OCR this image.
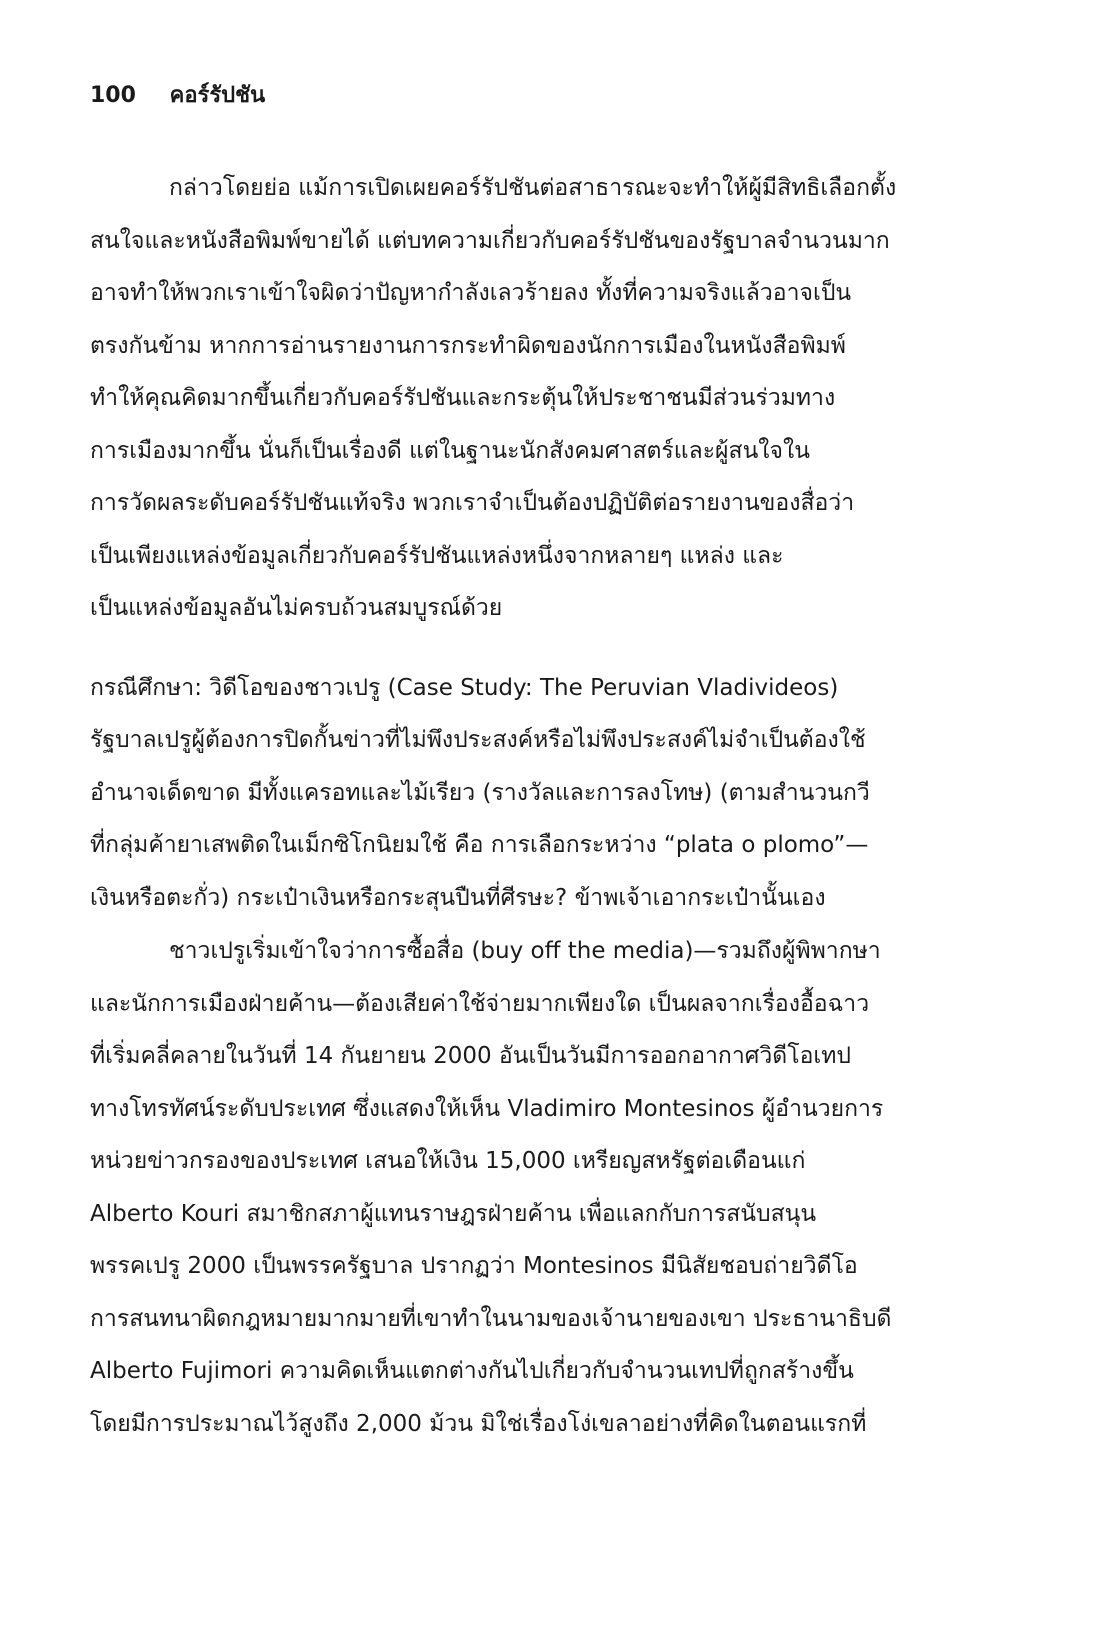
100 คอร์รัปชัน
กล่าวโดยย่อ แม้การเปิดเผยคอร์รัปชันต่อสาธารณะจะทำให้ผู้มีสิทธิเลือกตั้ง
สนใจและหนังสือพิมพ์ขายได้ แต่บทความเกี่ยวกับคอร์รัปชันของรัฐบาลจำนวนมาก
อาจทำให้พวกเราเข้าใจผิดว่าปัญหากำลังเลวร้ายลง ทั้งที่ความจริงแล้วอาจเป็น
ตรงกันข้าม หากการอ่านรายงานการกระทำผิดของนักการเมืองในหนังสือพิมพ์
ทำให้คุณคิดมากขึ้นเกี่ยวกับคอร์รัปชันและกระตุ้นให้ประชาชนมีส่วนร่วมทาง
การเมืองมากขึ้น นั่นก็เป็นเรื่องดี แต่ในฐานะนักสังคมศาสตร์และผู้สนใจใน
การวัดผลระดับคอร์รัปชันแท้จริง พวกเราจำเป็นต้องปฏิบัติต่อรายงานของสื่อว่า
เป็นเพียงแหล่งข้อมูลเกี่ยวกับคอร์รัปชันแหล่งหนึ่งจากหลายๆ แหล่ง และ
เป็นแหล่งข้อมูลอันไม่ครบถ้วนสมบูรณ์ด้วย
กรณีศึกษา: วิดีโอของชาวเปรู (Case Study: The Peruvian Vladivideos)
รัฐบาลเปรูผู้ต้องการปิดกั้นข่าวที่ไม่พึงประสงค์หรือไม่พึงประสงค์ไม่จำเป็นต้องใช้
อำนาจเด็ดขาด มีทั้งแครอทและไม้เรียว (รางวัลและการลงโทษ) (ตามสำนวนกวี
ที่กลุ่มค้ายาเสพติดในเม็กซิโกนิยมใช้ คือ การเลือกระหว่าง “plata o plomo”—
เงินหรือตะกั่ว) กระเป๋าเงินหรือกระสุนปืนที่ศีรษะ? ข้าพเจ้าเอากระเป๋านั้นเอง
ชาวเปรูเริ่มเข้าใจว่าการซื้อสื่อ (buy off the media)—รวมถึงผู้พิพากษา
และนักการเมืองฝ่ายค้าน—ต้องเสียค่าใช้จ่ายมากเพียงใด เป็นผลจากเรื่องอื้อฉาว
ที่เริ่มคลี่คลายในวันที่ 14 กันยายน 2000 อันเป็นวันมีการออกอากาศวิดีโอเทป
ทางโทรทัศน์ระดับประเทศ ซึ่งแสดงให้เห็น Vladimiro Montesinos ผู้อำนวยการ
หน่วยข่าวกรองของประเทศ เสนอให้เงิน 15,000 เหรียญสหรัฐต่อเดือนแก่
Alberto Kouri สมาชิกสภาผู้แทนราษฎรฝ่ายค้าน เพื่อแลกกับการสนับสนุน
พรรคเปรู 2000 เป็นพรรครัฐบาล ปรากฏว่า Montesinos มีนิสัยชอบถ่ายวิดีโอ
การสนทนาผิดกฎหมายมากมายที่เขาทำในนามของเจ้านายของเขา ประธานาธิบดี
Alberto Fujimori ความคิดเห็นแตกต่างกันไปเกี่ยวกับจำนวนเทปที่ถูกสร้างขึ้น
โดยมีการประมาณไว้สูงถึง 2,000 ม้วน มิใช่เรื่องโง่เขลาอย่างที่คิดในตอนแรกที่
